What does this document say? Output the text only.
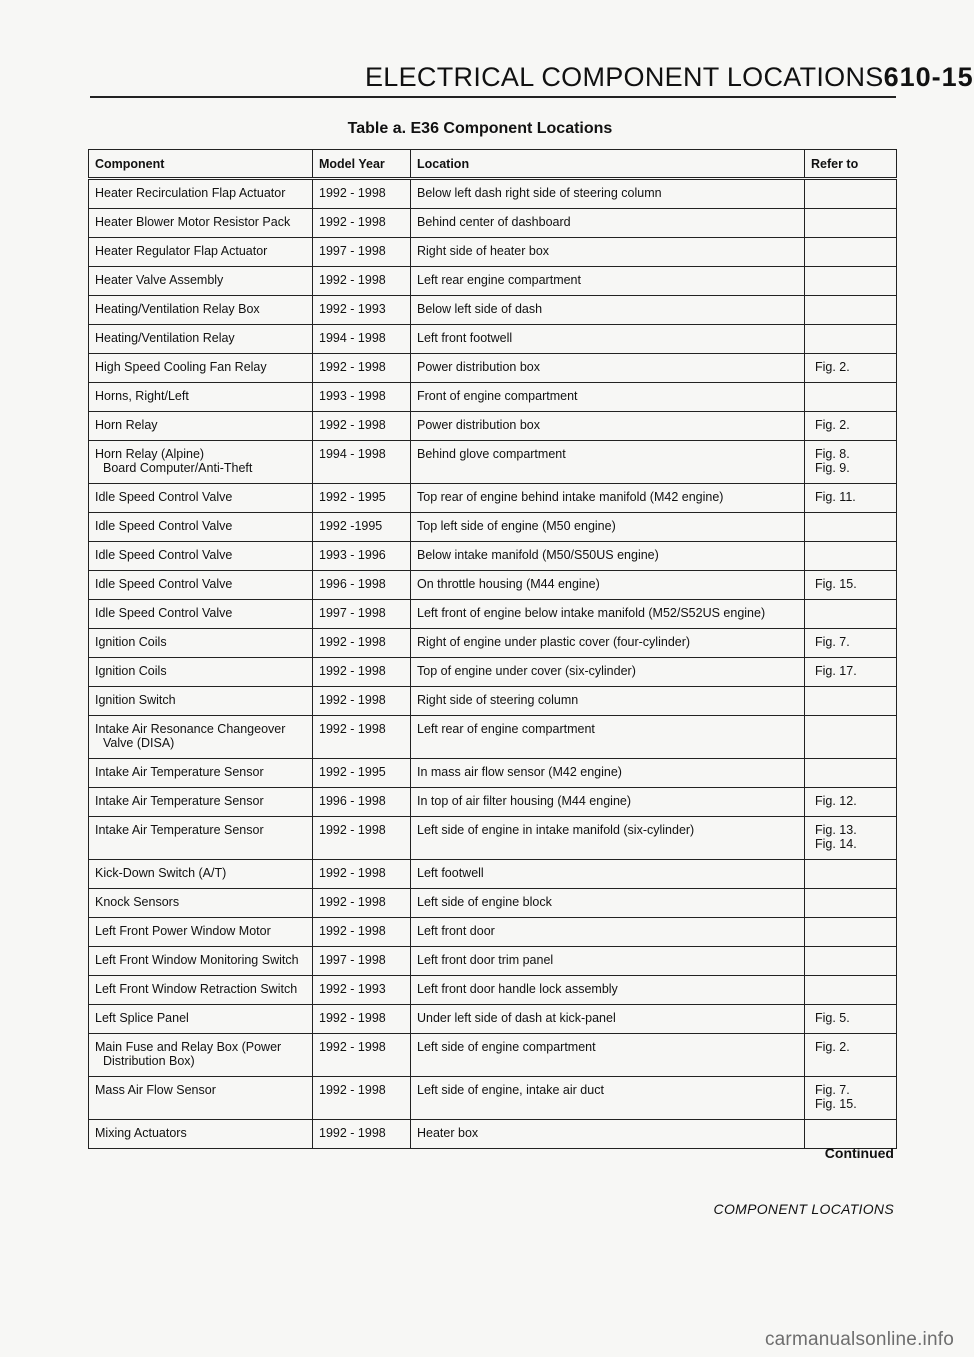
ELECTRICAL COMPONENT LOCATIONS 610-15
Table a. E36 Component Locations
Component	Model Year	Location	Refer to

Heater Recirculation Flap Actuator	1992 - 1998	Below left dash right side of steering column	

Heater Blower Motor Resistor Pack	1992 - 1998	Behind center of dashboard	

Heater Regulator Flap Actuator	1997 - 1998	Right side of heater box	

Heater Valve Assembly	1992 - 1998	Left rear engine compartment	

Heating/Ventilation Relay Box	1992 - 1993	Below left side of dash	

Heating/Ventilation Relay	1994 - 1998	Left front footwell	

High Speed Cooling Fan Relay	1992 - 1998	Power distribution box	Fig. 2.

Horns, Right/Left	1993 - 1998	Front of engine compartment	

Horn Relay	1992 - 1998	Power distribution box	Fig. 2.

Horn Relay (Alpine)
Board Computer/Anti-Theft	1994 - 1998	Behind glove compartment	Fig. 8.
Fig. 9.

Idle Speed Control Valve	1992 - 1995	Top rear of engine behind intake manifold (M42 engine)	Fig. 11.

Idle Speed Control Valve	1992 -1995	Top left side of engine (M50 engine)	

Idle Speed Control Valve	1993 - 1996	Below intake manifold (M50/S50US engine)	

Idle Speed Control Valve	1996 - 1998	On throttle housing (M44 engine)	Fig. 15.

Idle Speed Control Valve	1997 - 1998	Left front of engine below intake manifold (M52/S52US engine)	

Ignition Coils	1992 - 1998	Right of engine under plastic cover (four-cylinder)	Fig. 7.

Ignition Coils	1992 - 1998	Top of engine under cover (six-cylinder)	Fig. 17.

Ignition Switch	1992 - 1998	Right side of steering column	

Intake Air Resonance Changeover
Valve (DISA)	1992 - 1998	Left rear of engine compartment	

Intake Air Temperature Sensor	1992 - 1995	In mass air flow sensor (M42 engine)	

Intake Air Temperature Sensor	1996 - 1998	In top of air filter housing (M44 engine)	Fig. 12.

Intake Air Temperature Sensor	1992 - 1998	Left side of engine in intake manifold (six-cylinder)	Fig. 13.
Fig. 14.

Kick-Down Switch (A/T)	1992 - 1998	Left footwell	

Knock Sensors	1992 - 1998	Left side of engine block	

Left Front Power Window Motor	1992 - 1998	Left front door	

Left Front Window Monitoring Switch	1997 - 1998	Left front door trim panel	

Left Front Window Retraction Switch	1992 - 1993	Left front door handle lock assembly	

Left Splice Panel	1992 - 1998	Under left side of dash at kick-panel	Fig. 5.

Main Fuse and Relay Box (Power
Distribution Box)	1992 - 1998	Left side of engine compartment	Fig. 2.

Mass Air Flow Sensor	1992 - 1998	Left side of engine, intake air duct	Fig. 7.
Fig. 15.

Mixing Actuators	1992 - 1998	Heater box	

Continued
COMPONENT LOCATIONS
carmanualsonline.info
